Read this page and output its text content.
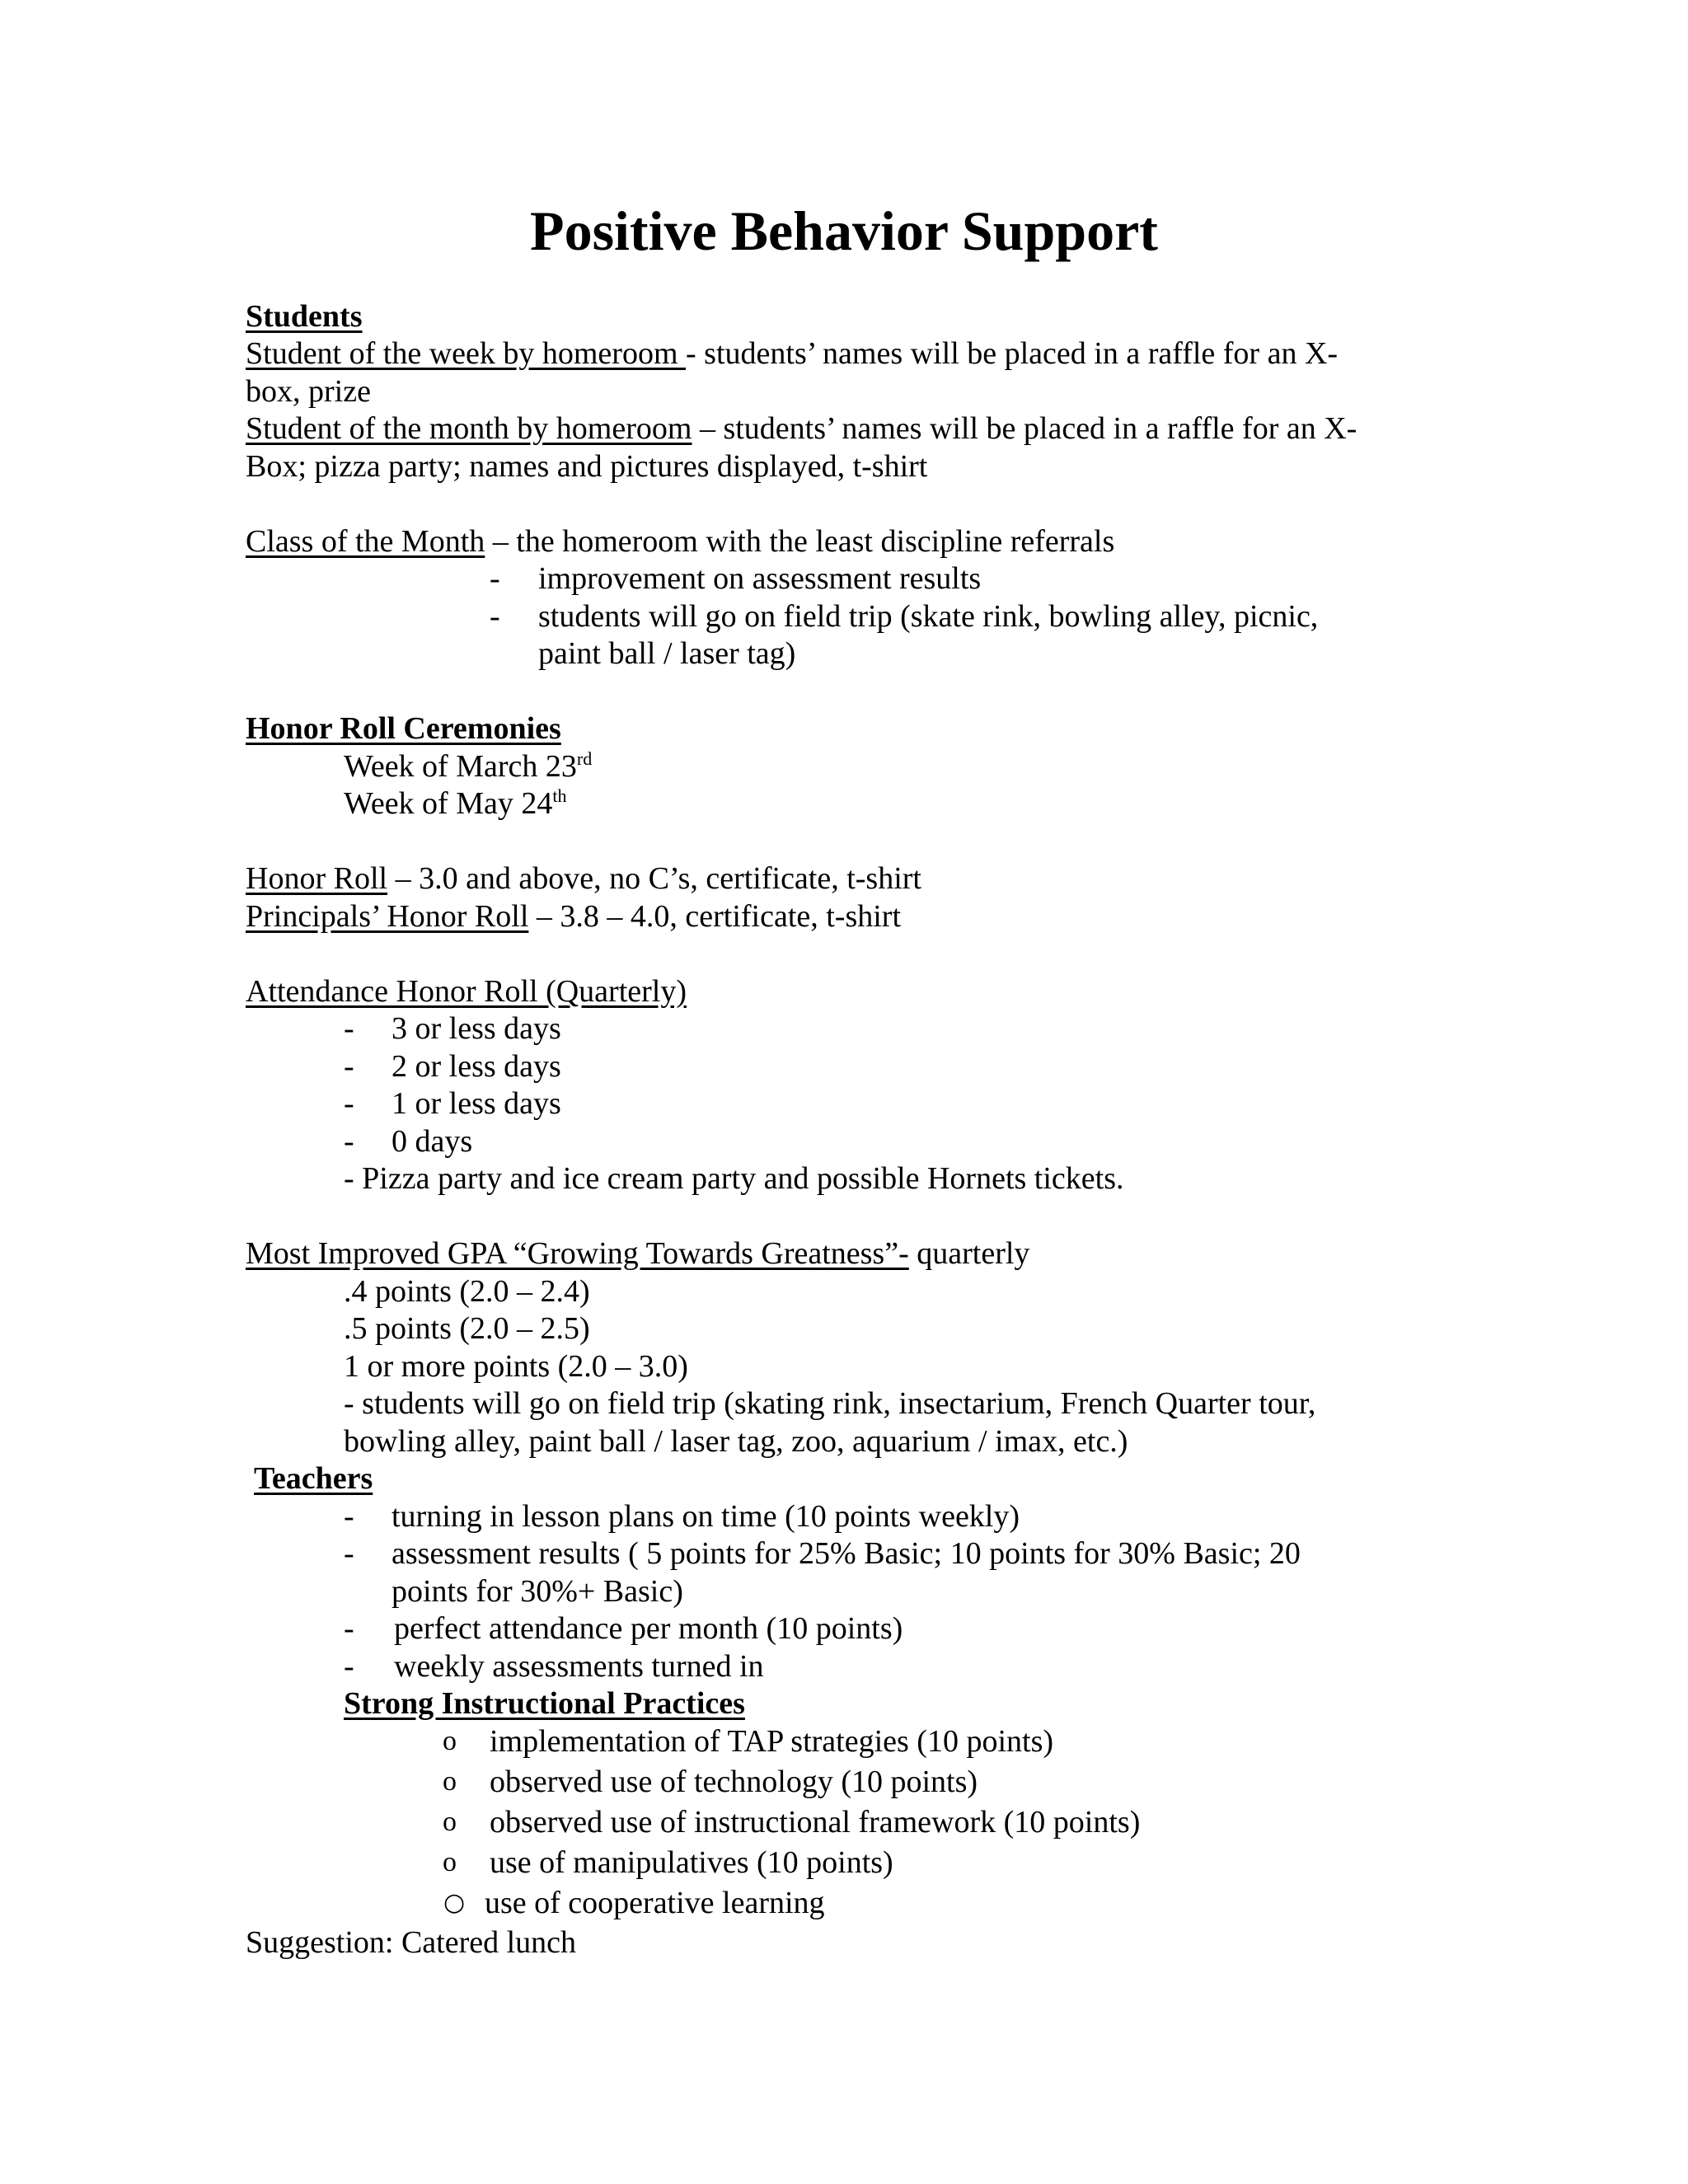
Positive Behavior Support
Students
Student of the week by homeroom - students’ names will be placed in a raffle for an X-
box, prize
Student of the month by homeroom – students’ names will be placed in a raffle for an X-
Box; pizza party; names and pictures displayed, t-shirt
Class of the Month – the homeroom with the least discipline referrals
- improvement on assessment results
- students will go on field trip (skate rink, bowling alley, picnic,
paint ball / laser tag)
Honor Roll Ceremonies
Week of March 23rd
Week of May 24th
Honor Roll – 3.0 and above, no C’s, certificate, t-shirt
Principals’ Honor Roll – 3.8 – 4.0, certificate, t-shirt
Attendance Honor Roll (Quarterly)
- 3 or less days
- 2 or less days
- 1 or less days
- 0 days
- Pizza party and ice cream party and possible Hornets tickets.
Most Improved GPA “Growing Towards Greatness”- quarterly
.4 points (2.0 – 2.4)
.5 points (2.0 – 2.5)
1 or more points (2.0 – 3.0)
- students will go on field trip (skating rink, insectarium, French Quarter tour,
bowling alley, paint ball / laser tag, zoo, aquarium / imax, etc.)
Teachers
- turning in lesson plans on time (10 points weekly)
- assessment results ( 5 points for 25% Basic; 10 points for 30% Basic; 20
points for 30%+ Basic)
- perfect attendance per month (10 points)
- weekly assessments turned in
Strong Instructional Practices
o implementation of TAP strategies (10 points)
o observed use of technology (10 points)
o observed use of instructional framework (10 points)
o use of manipulatives (10 points)
○ use of cooperative learning
Suggestion: Catered lunch
